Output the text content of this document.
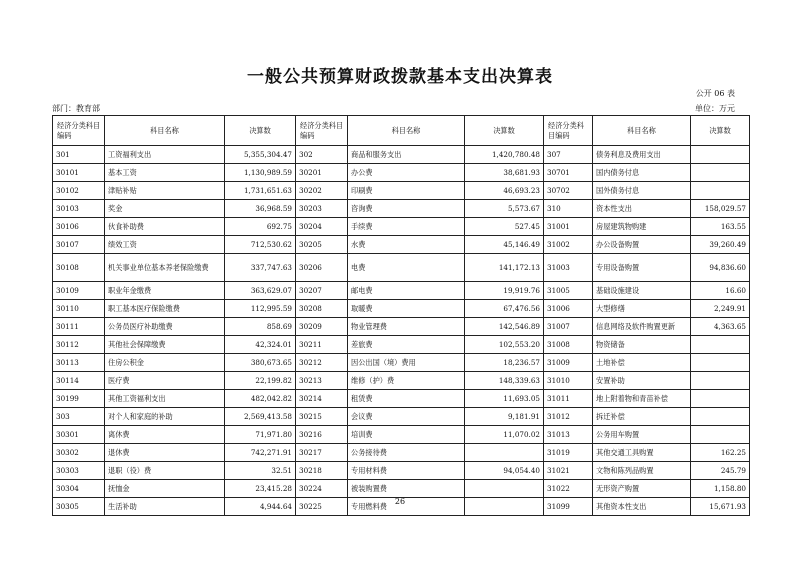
一般公共预算财政拨款基本支出决算表
公开 06 表
部门：教育部	单位：万元
经济分类科目编码	科目名称	决算数	经济分类科目编码	科目名称	决算数	经济分类科目编码	科目名称	决算数
301	工资福利支出	5,355,304.47	302	商品和服务支出	1,420,780.48	307	债务利息及费用支出	
30101	基本工资	1,130,989.59	30201	办公费	38,681.93	30701	国内债务付息	
30102	津贴补贴	1,731,651.63	30202	印刷费	46,693.23	30702	国外债务付息	
30103	奖金	36,968.59	30203	咨询费	5,573.67	310	资本性支出	158,029.57
30106	伙食补助费	692.75	30204	手续费	527.45	31001	房屋建筑物购建	163.55
30107	绩效工资	712,530.62	30205	水费	45,146.49	31002	办公设备购置	39,260.49
30108	机关事业单位基本养老保险缴费	337,747.63	30206	电费	141,172.13	31003	专用设备购置	94,836.60
30109	职业年金缴费	363,629.07	30207	邮电费	19,919.76	31005	基础设施建设	16.60
30110	职工基本医疗保险缴费	112,995.59	30208	取暖费	67,476.56	31006	大型修缮	2,249.91
30111	公务员医疗补助缴费	858.69	30209	物业管理费	142,546.89	31007	信息网络及软件购置更新	4,363.65
30112	其他社会保障缴费	42,324.01	30211	差旅费	102,553.20	31008	物资储备	
30113	住房公积金	380,673.65	30212	因公出国（境）费用	18,236.57	31009	土地补偿	
30114	医疗费	22,199.82	30213	维修（护）费	148,339.63	31010	安置补助	
30199	其他工资福利支出	482,042.82	30214	租赁费	11,693.05	31011	地上附着物和青苗补偿	
303	对个人和家庭的补助	2,569,413.58	30215	会议费	9,181.91	31012	拆迁补偿	
30301	离休费	71,971.80	30216	培训费	11,070.02	31013	公务用车购置	
30302	退休费	742,271.91	30217	公务接待费		31019	其他交通工具购置	162.25
30303	退职（役）费	32.51	30218	专用材料费	94,054.40	31021	文物和陈列品购置	245.79
30304	抚恤金	23,415.28	30224	被装购置费		31022	无形资产购置	1,158.80
30305	生活补助	4,944.64	30225	专用燃料费		31099	其他资本性支出	15,671.93
26
